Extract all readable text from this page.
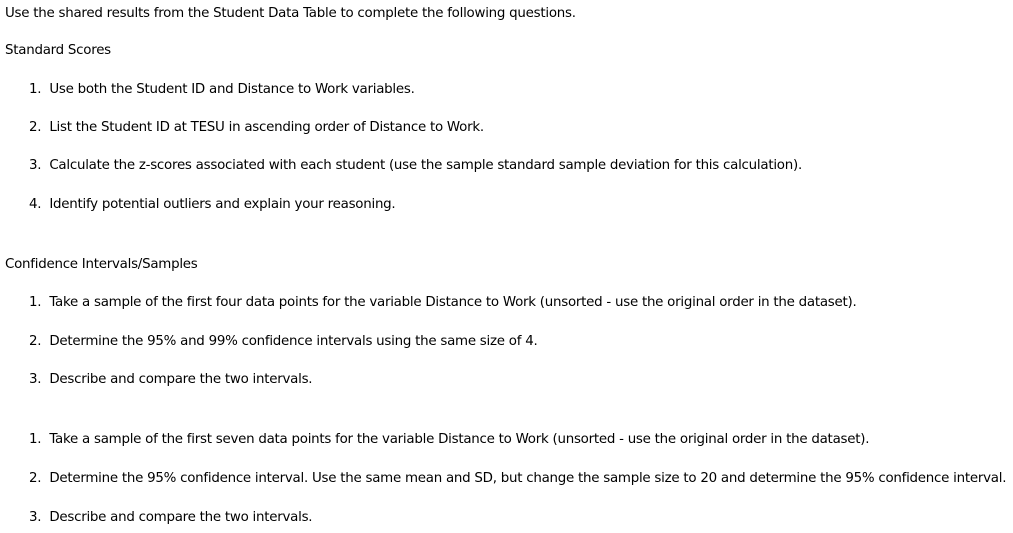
Use the shared results from the Student Data Table to complete the following questions.
Standard Scores
1.  Use both the Student ID and Distance to Work variables.
2.  List the Student ID at TESU in ascending order of Distance to Work.
3.  Calculate the z-scores associated with each student (use the sample standard sample deviation for this calculation).
4.  Identify potential outliers and explain your reasoning.
Confidence Intervals/Samples
1.  Take a sample of the first four data points for the variable Distance to Work (unsorted - use the original order in the dataset).
2.  Determine the 95% and 99% confidence intervals using the same size of 4.
3.  Describe and compare the two intervals.
1.  Take a sample of the first seven data points for the variable Distance to Work (unsorted - use the original order in the dataset).
2.  Determine the 95% confidence interval. Use the same mean and SD, but change the sample size to 20 and determine the 95% confidence interval.
3.  Describe and compare the two intervals.
